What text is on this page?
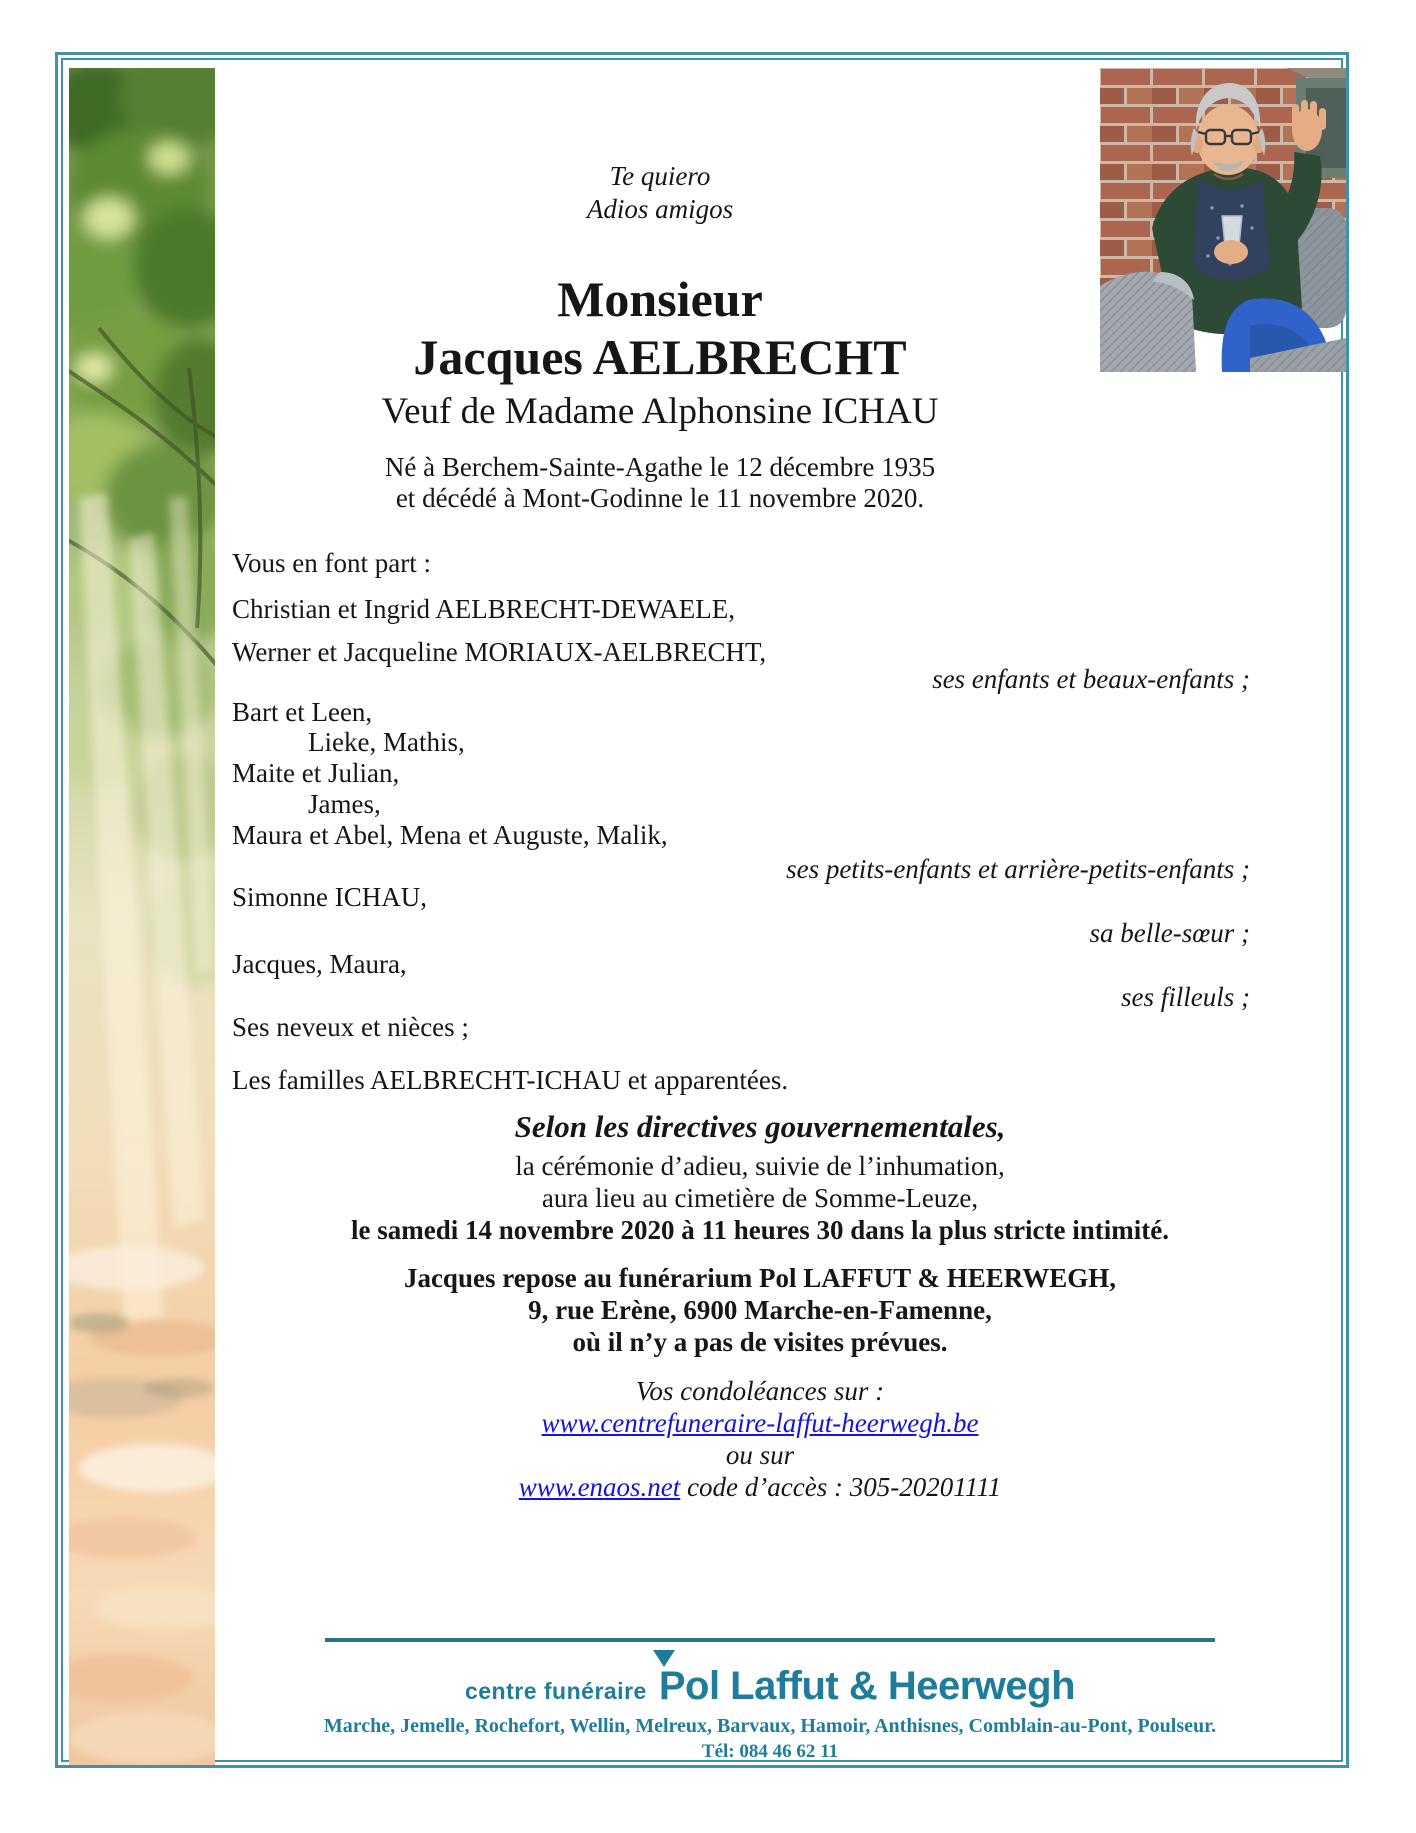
Te quiero
Adios amigos
Monsieur
Jacques AELBRECHT
Veuf de Madame Alphonsine ICHAU
Né à Berchem-Sainte-Agathe le 12 décembre 1935
et décédé à Mont-Godinne le 11 novembre 2020.
Vous en font part :
Christian et Ingrid AELBRECHT-DEWAELE,
Werner et Jacqueline MORIAUX-AELBRECHT,
ses enfants et beaux-enfants ;
Bart et Leen,
Lieke, Mathis,
Maite et Julian,
James,
Maura et Abel, Mena et Auguste, Malik,
ses petits-enfants et arrière-petits-enfants ;
Simonne ICHAU,
sa belle-sœur ;
Jacques, Maura,
ses filleuls ;
Ses neveux et nièces ;
Les familles AELBRECHT-ICHAU et apparentées.
Selon les directives gouvernementales,
la cérémonie d’adieu, suivie de l’inhumation,
aura lieu au cimetière de Somme-Leuze,
le samedi 14 novembre 2020 à 11 heures 30 dans la plus stricte intimité.
Jacques repose au funérarium Pol LAFFUT & HEERWEGH,
9, rue Erène, 6900 Marche-en-Famenne,
où il n’y a pas de visites prévues.
Vos condoléances sur :
www.centrefuneraire-laffut-heerwegh.be
ou sur
www.enaos.net code d’accès : 305-20201111
centre funéraire Pol Laffut & Heerwegh
Marche, Jemelle, Rochefort, Wellin, Melreux, Barvaux, Hamoir, Anthisnes, Comblain-au-Pont, Poulseur.
Tél: 084 46 62 11
